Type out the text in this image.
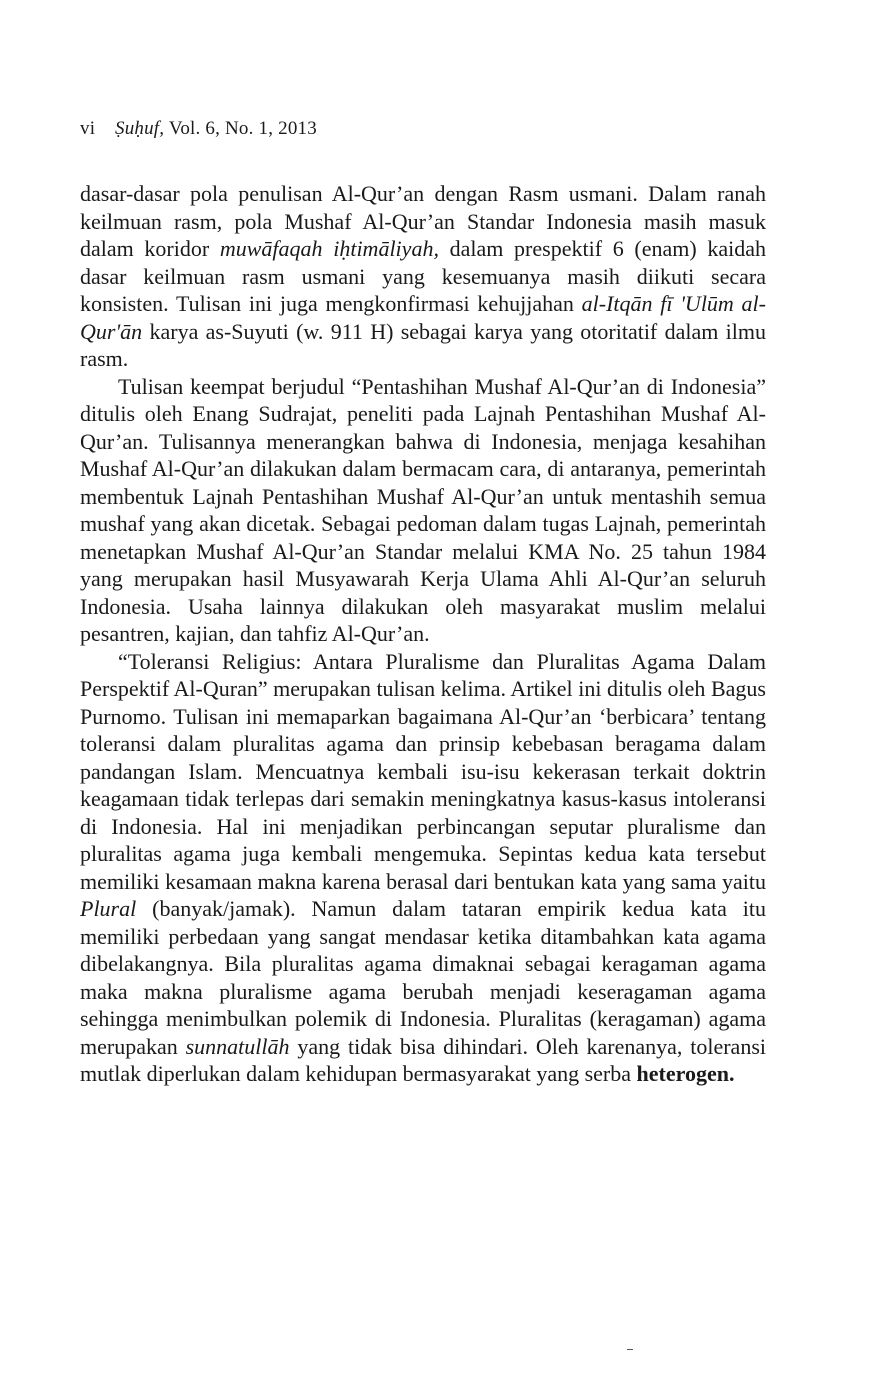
vi Ṣuḥuf, Vol. 6, No. 1, 2013

dasar-dasar pola penulisan Al-Qur’an dengan Rasm usmani. Dalam ranah keilmuan rasm, pola Mushaf Al-Qur’an Standar Indonesia masih masuk dalam koridor muwāfaqah iḥtimāliyah, dalam prespektif 6 (enam) kaidah dasar keilmuan rasm usmani yang kesemuanya masih diikuti secara konsisten. Tulisan ini juga mengkonfirmasi kehujjahan al-Itqān fī 'Ulūm al-Qur'ān karya as-Suyuti (w. 911 H) sebagai karya yang otoritatif dalam ilmu rasm.

Tulisan keempat berjudul “Pentashihan Mushaf Al-Qur’an di Indonesia” ditulis oleh Enang Sudrajat, peneliti pada Lajnah Pentashihan Mushaf Al-Qur’an. Tulisannya menerangkan bahwa di Indonesia, menjaga kesahihan Mushaf Al-Qur’an dilakukan dalam bermacam cara, di antaranya, pemerintah membentuk Lajnah Pentashihan Mushaf Al-Qur’an untuk mentashih semua mushaf yang akan dicetak. Sebagai pedoman dalam tugas Lajnah, pemerintah menetapkan Mushaf Al-Qur’an Standar melalui KMA No. 25 tahun 1984 yang merupakan hasil Musyawarah Kerja Ulama Ahli Al-Qur’an seluruh Indonesia. Usaha lainnya dilakukan oleh masyarakat muslim melalui pesantren, kajian, dan tahfiz Al-Qur’an.

“Toleransi Religius: Antara Pluralisme dan Pluralitas Agama Dalam Perspektif Al-Quran” merupakan tulisan kelima. Artikel ini ditulis oleh Bagus Purnomo. Tulisan ini memaparkan bagaimana Al-Qur’an ‘berbicara’ tentang toleransi dalam pluralitas agama dan prinsip kebebasan beragama dalam pandangan Islam. Mencuatnya kembali isu-isu kekerasan terkait doktrin keagamaan tidak terlepas dari semakin meningkatnya kasus-kasus intoleransi di Indonesia. Hal ini menjadikan perbincangan seputar pluralisme dan pluralitas agama juga kembali mengemuka. Sepintas kedua kata tersebut memiliki kesamaan makna karena berasal dari bentukan kata yang sama yaitu Plural (banyak/jamak). Namun dalam tataran empirik kedua kata itu memiliki perbedaan yang sangat mendasar ketika ditambahkan kata agama dibelakangnya. Bila pluralitas agama dimaknai sebagai keragaman agama maka makna pluralisme agama berubah menjadi keseragaman agama sehingga menimbulkan polemik di Indonesia. Pluralitas (keragaman) agama merupakan sunnatullāh yang tidak bisa dihindari. Oleh karenanya, toleransi mutlak diperlukan dalam kehidupan bermasyarakat yang serba heterogen.
